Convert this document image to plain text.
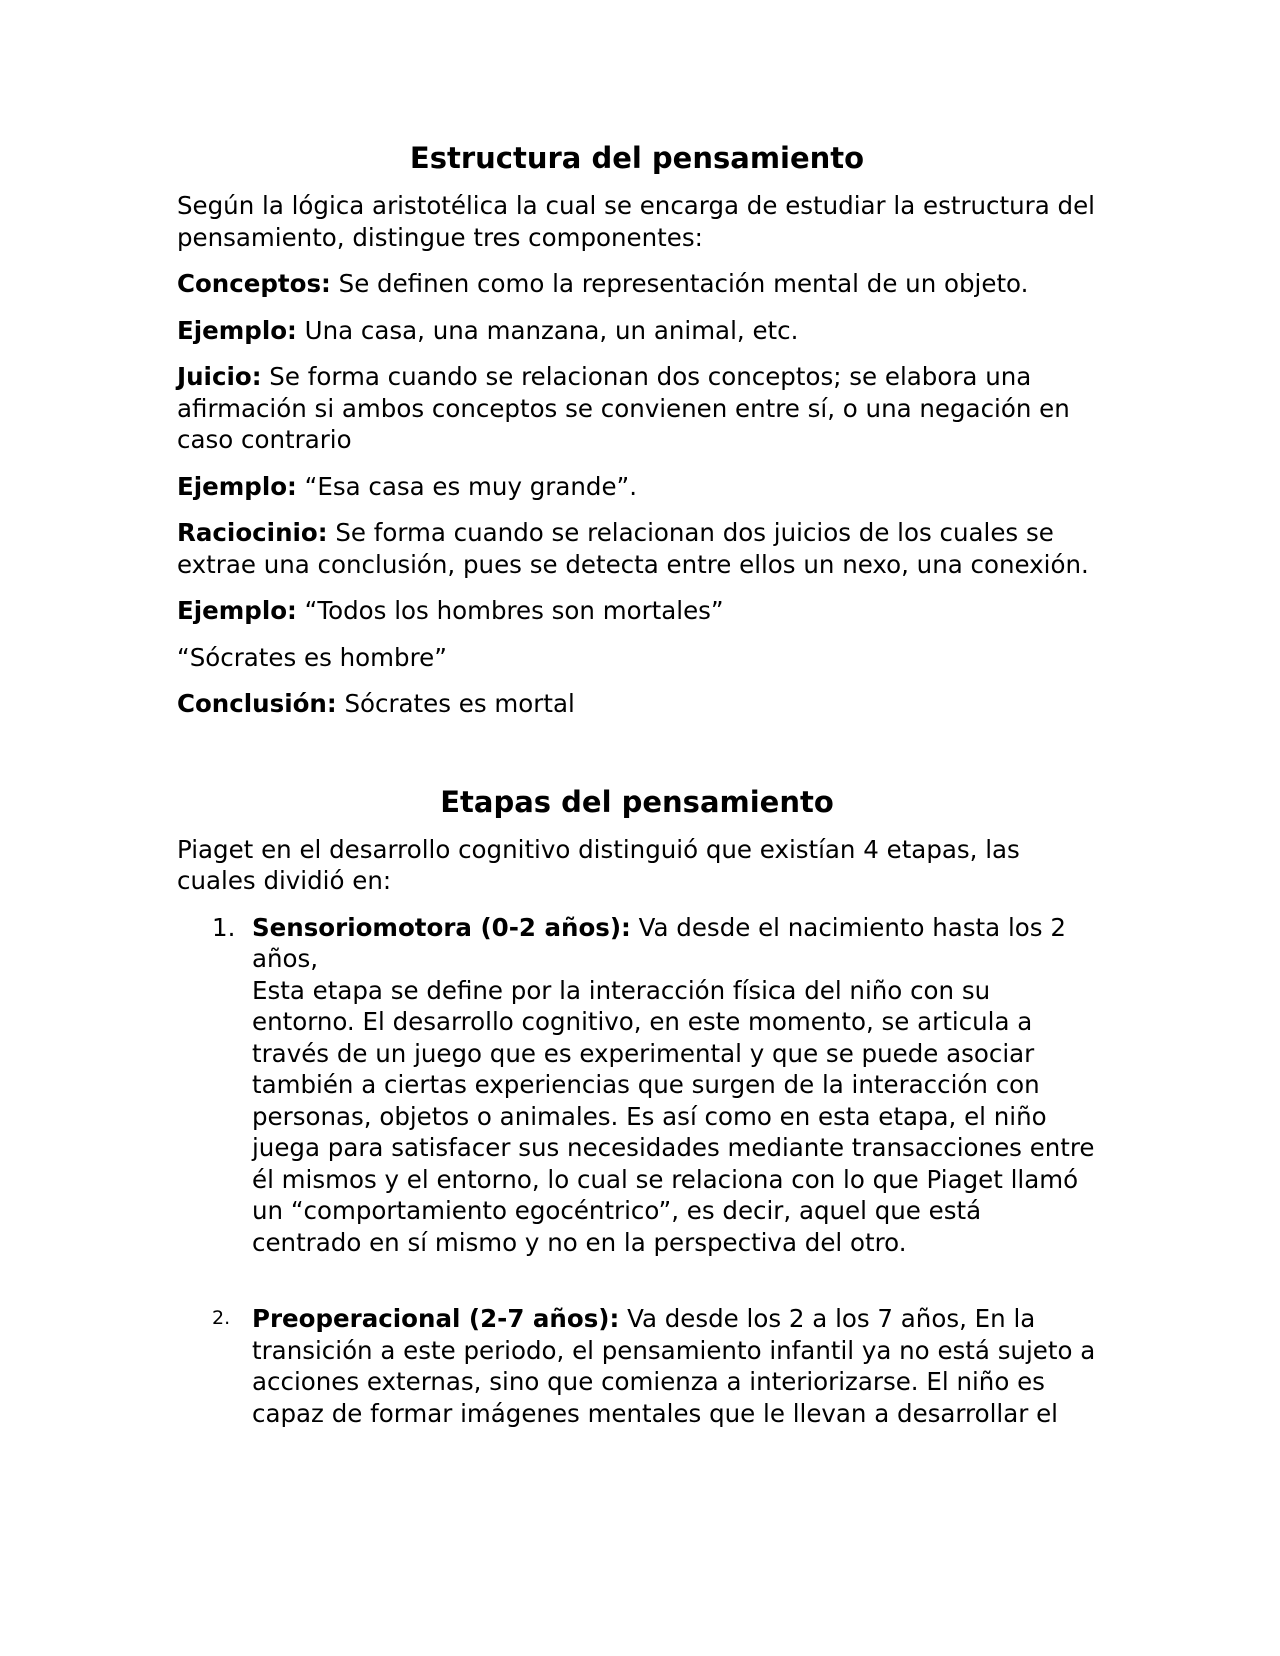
Estructura del pensamiento

Según la lógica aristotélica la cual se encarga de estudiar la estructura del pensamiento, distingue tres componentes:

Conceptos: Se definen como la representación mental de un objeto.

Ejemplo: Una casa, una manzana, un animal, etc.

Juicio: Se forma cuando se relacionan dos conceptos; se elabora una afirmación si ambos conceptos se convienen entre sí, o una negación en caso contrario

Ejemplo: “Esa casa es muy grande”.

Raciocinio: Se forma cuando se relacionan dos juicios de los cuales se extrae una conclusión, pues se detecta entre ellos un nexo, una conexión.

Ejemplo: “Todos los hombres son mortales”

“Sócrates es hombre”

Conclusión: Sócrates es mortal

Etapas del pensamiento

Piaget en el desarrollo cognitivo distinguió que existían 4 etapas, las cuales dividió en:

1. Sensoriomotora (0-2 años): Va desde el nacimiento hasta los 2 años,
Esta etapa se define por la interacción física del niño con su entorno. El desarrollo cognitivo, en este momento, se articula a través de un juego que es experimental y que se puede asociar también a ciertas experiencias que surgen de la interacción con personas, objetos o animales. Es así como en esta etapa, el niño juega para satisfacer sus necesidades mediante transacciones entre él mismos y el entorno, lo cual se relaciona con lo que Piaget llamó un “comportamiento egocéntrico”, es decir, aquel que está centrado en sí mismo y no en la perspectiva del otro.
2. Preoperacional (2-7 años): Va desde los 2 a los 7 años, En la transición a este periodo, el pensamiento infantil ya no está sujeto a acciones externas, sino que comienza a interiorizarse. El niño es capaz de formar imágenes mentales que le llevan a desarrollar el
